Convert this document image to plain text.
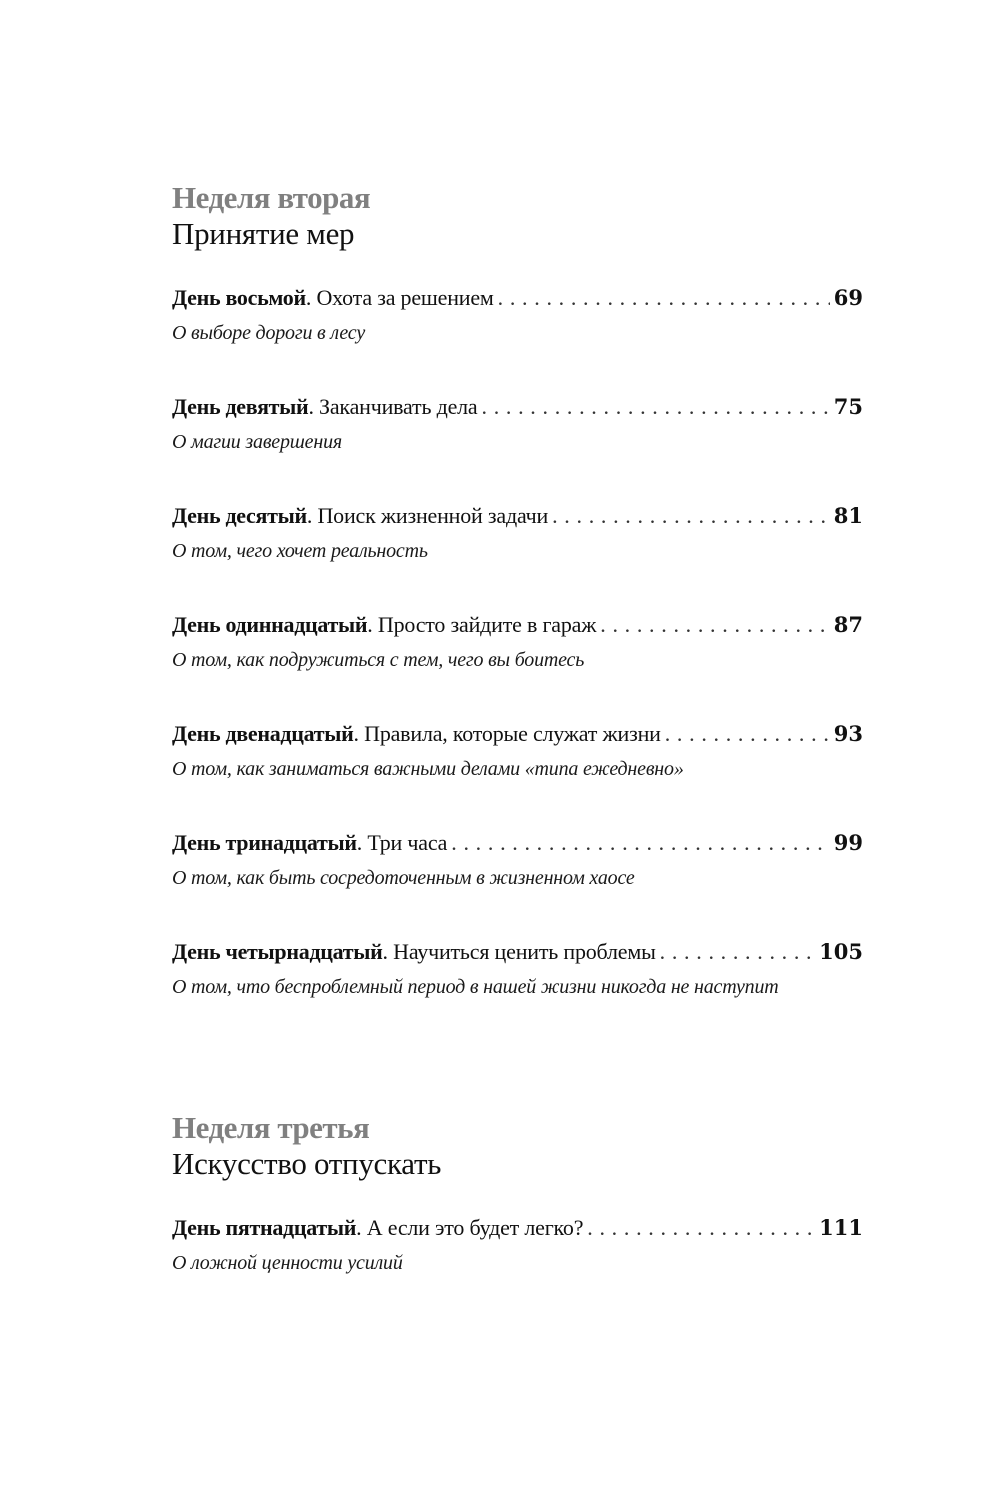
Неделя вторая
Принятие мер
День восьмой . Охота за решением . . .	69
О выборе дороги в лесу
День девятый . Заканчивать дела . . .	75
О магии завершения
День десятый . Поиск жизненной задачи . . .	81
О том, чего хочет реальность
День одиннадцатый . Просто зайдите в гараж . . .	87
О том, как подружиться с тем, чего вы боитесь
День двенадцатый . Правила, которые служат жизни . . .	93
О том, как заниматься важными делами «типа ежедневно»
День тринадцатый . Три часа . . .	99
О том, как быть сосредоточенным в жизненном хаосе
День четырнадцатый . Научиться ценить проблемы . . .	105
О том, что беспроблемный период в нашей жизни никогда не наступит
Неделя третья
Искусство отпускать
День пятнадцатый . А если это будет легко? . . .	111
О ложной ценности усилий
